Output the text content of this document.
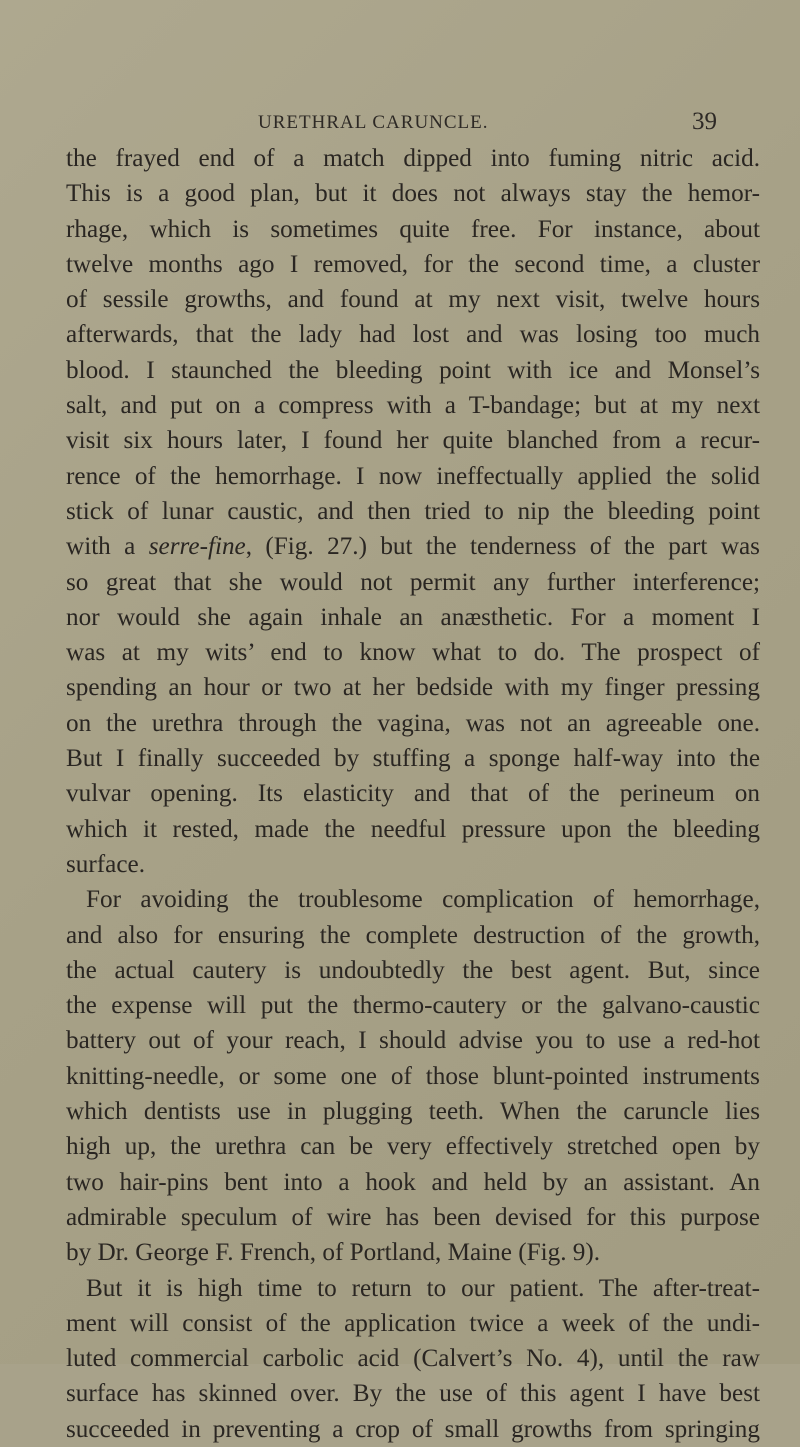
URETHRAL CARUNCLE.	39
the frayed end of a match dipped into fuming nitric acid.
This is a good plan, but it does not always stay the hemor-
rhage, which is sometimes quite free. For instance, about
twelve months ago I removed, for the second time, a cluster
of sessile growths, and found at my next visit, twelve hours
afterwards, that the lady had lost and was losing too much
blood. I staunched the bleeding point with ice and Monsel’s
salt, and put on a compress with a T-bandage; but at my next
visit six hours later, I found her quite blanched from a recur-
rence of the hemorrhage. I now ineffectually applied the solid
stick of lunar caustic, and then tried to nip the bleeding point
with a serre-fine, (Fig. 27.) but the tenderness of the part was
so great that she would not permit any further interference;
nor would she again inhale an anæsthetic. For a moment I
was at my wits’ end to know what to do. The prospect of
spending an hour or two at her bedside with my finger pressing
on the urethra through the vagina, was not an agreeable one.
But I finally succeeded by stuffing a sponge half-way into the
vulvar opening. Its elasticity and that of the perineum on
which it rested, made the needful pressure upon the bleeding
surface.
For avoiding the troublesome complication of hemorrhage,
and also for ensuring the complete destruction of the growth,
the actual cautery is undoubtedly the best agent. But, since
the expense will put the thermo-cautery or the galvano-caustic
battery out of your reach, I should advise you to use a red-hot
knitting-needle, or some one of those blunt-pointed instruments
which dentists use in plugging teeth. When the caruncle lies
high up, the urethra can be very effectively stretched open by
two hair-pins bent into a hook and held by an assistant. An
admirable speculum of wire has been devised for this purpose
by Dr. George F. French, of Portland, Maine (Fig. 9).
But it is high time to return to our patient. The after-treat-
ment will consist of the application twice a week of the undi-
luted commercial carbolic acid (Calvert’s No. 4), until the raw
surface has skinned over. By the use of this agent I have best
succeeded in preventing a crop of small growths from springing
